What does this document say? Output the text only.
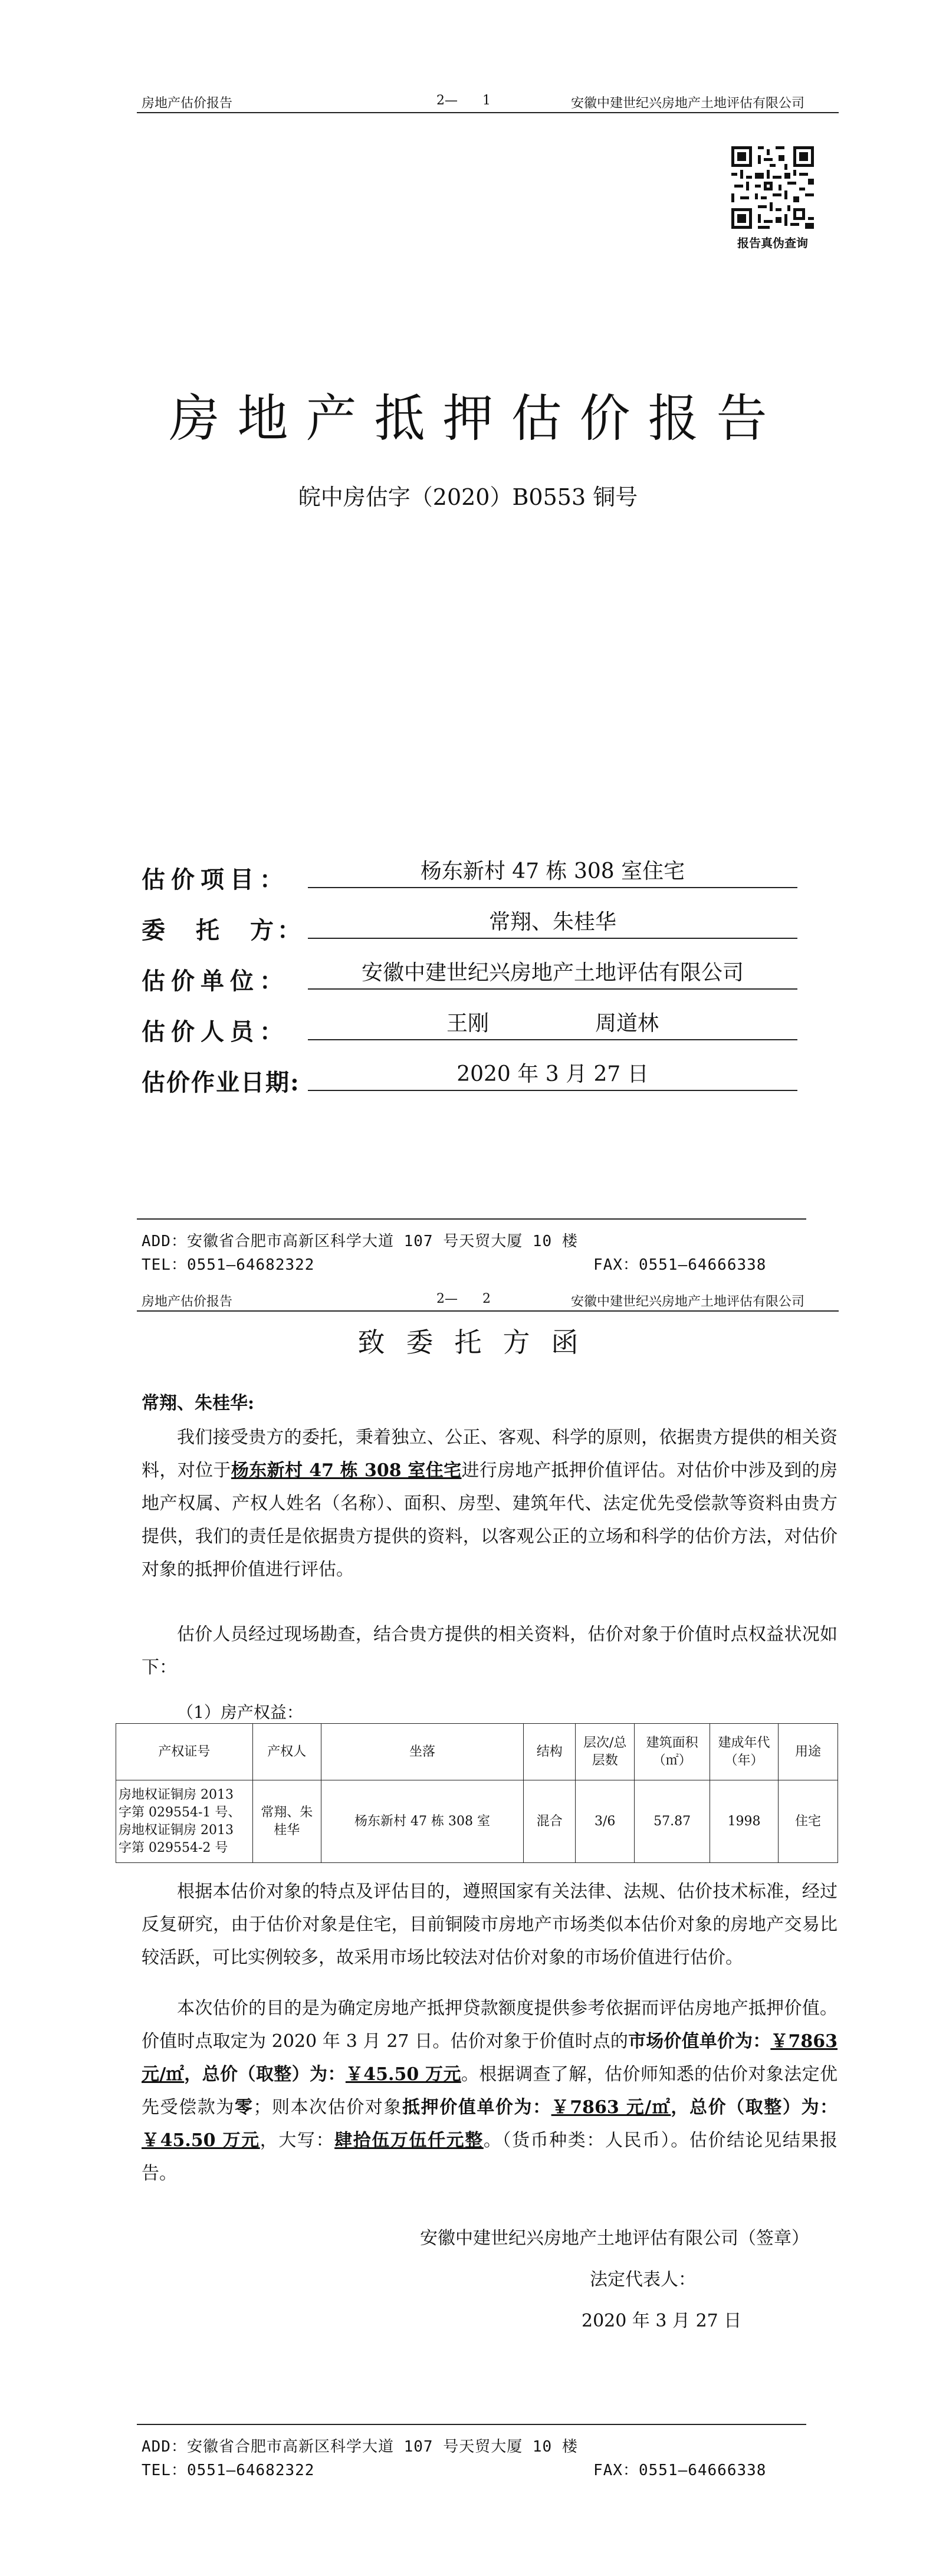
房地产估价报告	2—      1	安徽中建世纪兴房地产土地评估有限公司
报告真伪查询
房地产抵押估价报告
皖中房估字（2020）B0553 铜号
估价项目：	杨东新村 47 栋 308 室住宅
委　托　方：	常翔、朱桂华
估价单位：	安徽中建世纪兴房地产土地评估有限公司
估价人员：	王刚　　　　　周道林
估价作业日期:	2020 年 3 月 27 日
ADD：安徽省合肥市高新区科学大道 107 号天贸大厦 10 楼
TEL：0551—64682322	FAX：0551—64666338
房地产估价报告	2—      2	安徽中建世纪兴房地产土地评估有限公司
致委托方函
常翔、朱桂华:
我们接受贵方的委托，秉着独立、公正、客观、科学的原则，依据贵方提供的相关资料，对位于杨东新村 47 栋 308 室住宅进行房地产抵押价值评估。对估价中涉及到的房地产权属、产权人姓名（名称）、面积、房型、建筑年代、法定优先受偿款等资料由贵方提供，我们的责任是依据贵方提供的资料，以客观公正的立场和科学的估价方法，对估价对象的抵押价值进行评估。
估价人员经过现场勘查，结合贵方提供的相关资料，估价对象于价值时点权益状况如下：
（1）房产权益：
产权证号	产权人	坐落	结构	层次/总层数	建筑面积（㎡）	建成年代（年）	用途
房地权证铜房 2013 字第 029554-1 号、房地权证铜房 2013 字第 029554-2 号	常翔、朱桂华	杨东新村 47 栋 308 室	混合	3/6	57.87	1998	住宅
根据本估价对象的特点及评估目的，遵照国家有关法律、法规、估价技术标准，经过反复研究，由于估价对象是住宅，目前铜陵市房地产市场类似本估价对象的房地产交易比较活跃，可比实例较多，故采用市场比较法对估价对象的市场价值进行估价。
本次估价的目的是为确定房地产抵押贷款额度提供参考依据而评估房地产抵押价值。价值时点取定为 2020 年 3 月 27 日。估价对象于价值时点的市场价值单价为：￥7863 元/㎡，总价（取整）为：￥45.50 万元。根据调查了解，估价师知悉的估价对象法定优先受偿款为零；则本次估价对象抵押价值单价为：￥7863 元/㎡，总价（取整）为：￥45.50 万元，大写：肆拾伍万伍仟元整。（货币种类：人民币）。估价结论见结果报告。
安徽中建世纪兴房地产土地评估有限公司（签章）
法定代表人：
2020 年 3 月 27 日
ADD：安徽省合肥市高新区科学大道 107 号天贸大厦 10 楼
TEL：0551—64682322	FAX：0551—64666338
